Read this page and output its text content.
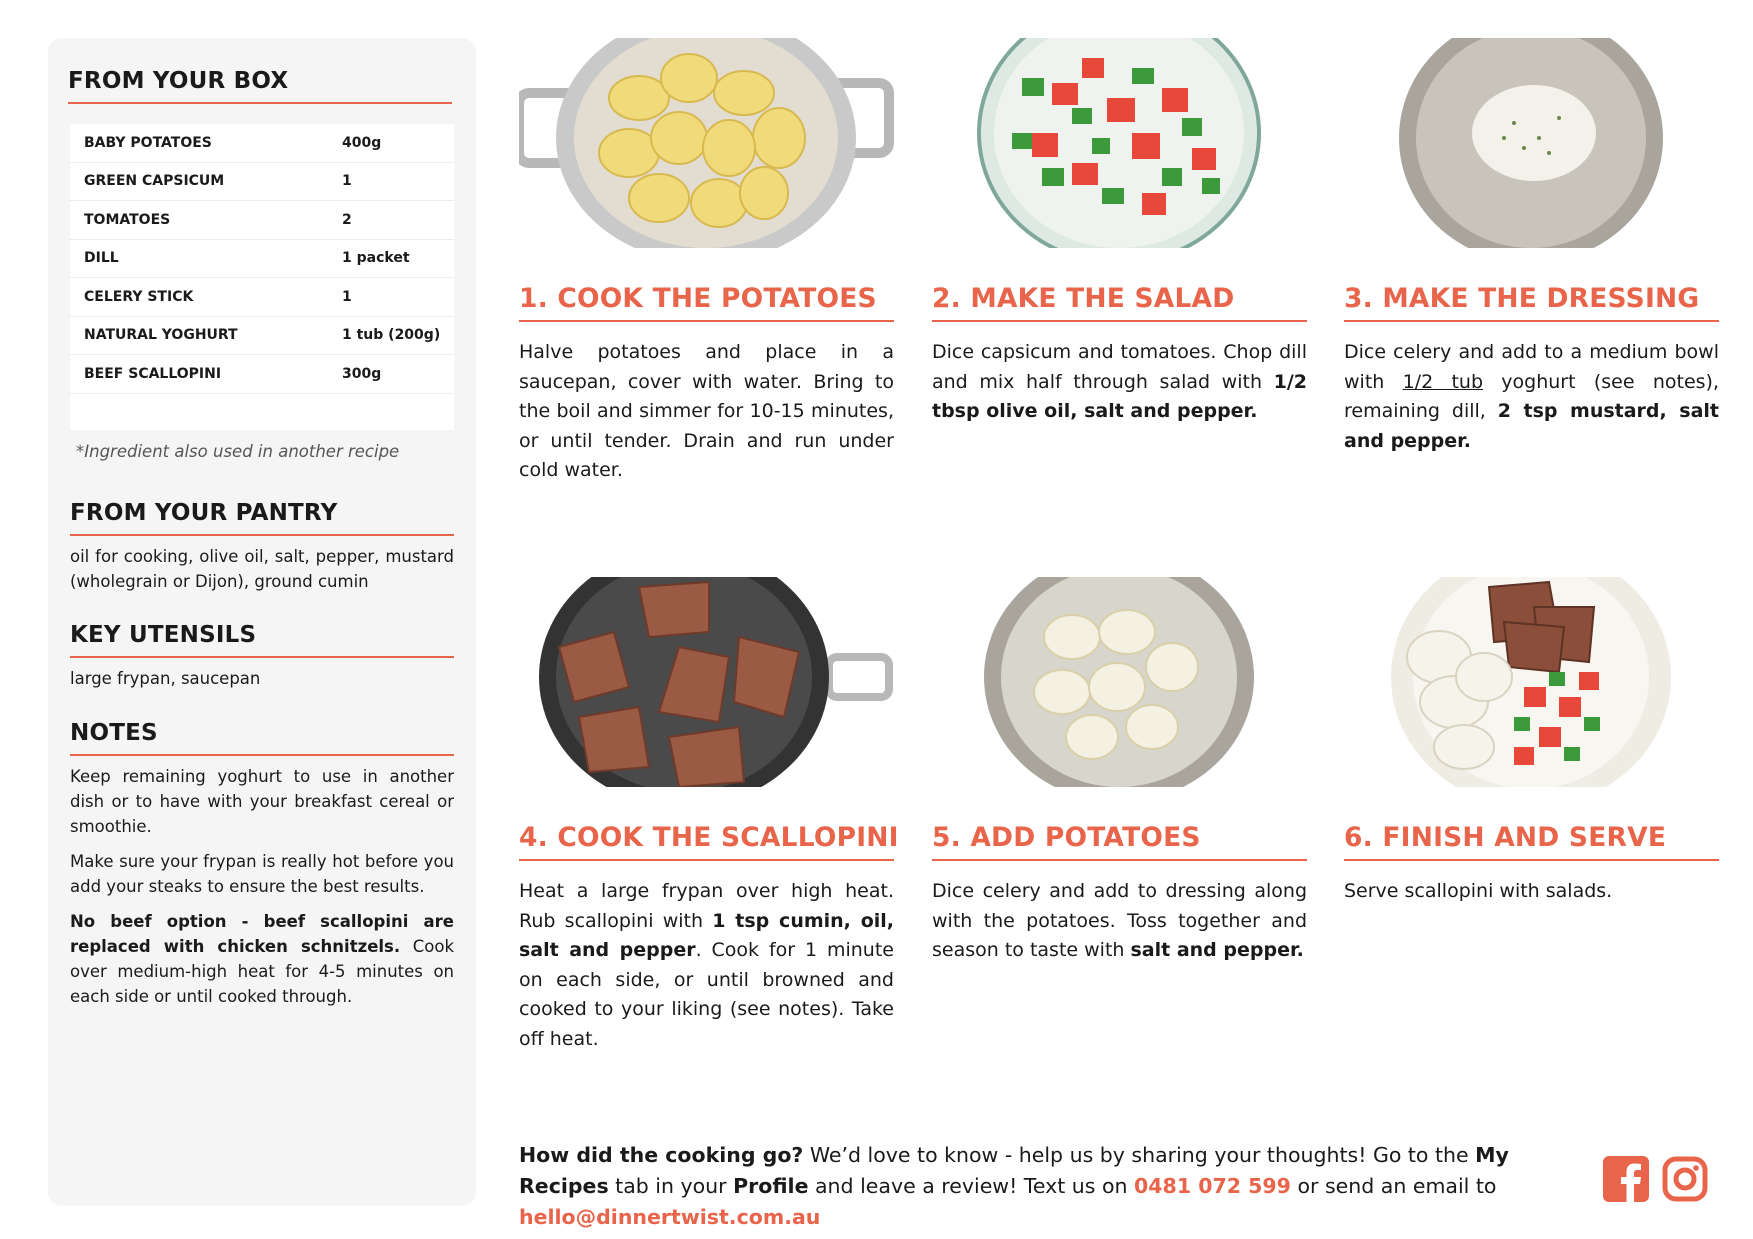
FROM YOUR BOX
BABY POTATOES	400g
GREEN CAPSICUM	1
TOMATOES	2
DILL	1 packet
CELERY STICK	1
NATURAL YOGHURT	1 tub (200g)
BEEF SCALLOPINI	300g
*Ingredient also used in another recipe
FROM YOUR PANTRY
oil for cooking, olive oil, salt, pepper, mustard (wholegrain or Dijon), ground cumin
KEY UTENSILS
large frypan, saucepan
NOTES

Keep remaining yoghurt to use in another dish or to have with your breakfast cereal or smoothie.

Make sure your frypan is really hot before you add your steaks to ensure the best results.

No beef option - beef scallopini are replaced with chicken schnitzels. Cook over medium-high heat for 4-5 minutes on each side or until cooked through.

1. COOK THE POTATOES
Halve potatoes and place in a saucepan, cover with water. Bring to the boil and simmer for 10-15 minutes, or until tender. Drain and run under cold water.
2. MAKE THE SALAD
Dice capsicum and tomatoes. Chop dill and mix half through salad with 1/2 tbsp olive oil, salt and pepper.
3. MAKE THE DRESSING
Dice celery and add to a medium bowl with 1/2 tub yoghurt (see notes), remaining dill, 2 tsp mustard, salt and pepper.
4. COOK THE SCALLOPINI
Heat a large frypan over high heat. Rub scallopini with 1 tsp cumin, oil, salt and pepper. Cook for 1 minute on each side, or until browned and cooked to your liking (see notes). Take off heat.
5. ADD POTATOES
Dice celery and add to dressing along with the potatoes. Toss together and season to taste with salt and pepper.
6. FINISH AND SERVE
Serve scallopini with salads.
How did the cooking go? We’d love to know - help us by sharing your thoughts! Go to the My Recipes tab in your Profile and leave a review! Text us on 0481 072 599 or send an email to hello@dinnertwist.com.au
